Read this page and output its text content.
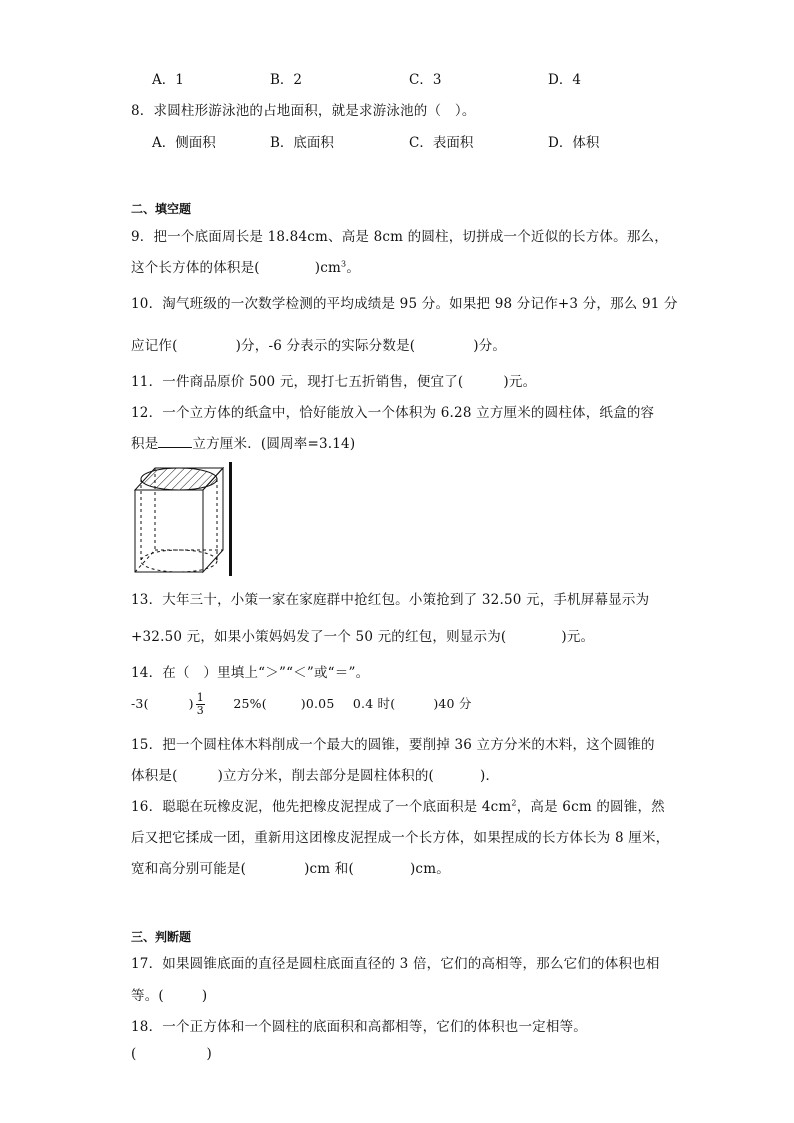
A．1	B．2	C．3	D．4
8．求圆柱形游泳池的占地面积，就是求游泳池的（　）。
A．侧面积	B．底面积	C．表面积	D．体积
二、填空题
9．把一个底面周长是 18.84cm、高是 8cm 的圆柱，切拼成一个近似的长方体。那么，
这个长方体的体积是(	)$cm^3$。
10．淘气班级的一次数学检测的平均成绩是 95 分。如果把 98 分记作+3 分，那么 91 分
应记作(	)分，-6 分表示的实际分数是(	)分。
11．一件商品原价 500 元，现打七五折销售，便宜了(	)元。
12．一个立方体的纸盒中，恰好能放入一个体积为 6.28 立方厘米的圆柱体，纸盒的容
积是	立方厘米．(圆周率=3.14)
13．大年三十，小策一家在家庭群中抢红包。小策抢到了 32.50 元，手机屏幕显示为
+32.50 元，如果小策妈妈发了一个 50 元的红包，则显示为(	)元。
14．在（　）里填上“＞”“＜”或“＝”。
-3(	) $\frac{1}{3} 25\%$(	)0.05 0.4 时(	)40 分
15．把一个圆柱体木料削成一个最大的圆锥，要削掉 36 立方分米的木料，这个圆锥的
体积是(	)立方分米，削去部分是圆柱体积的(	)．
16．聪聪在玩橡皮泥，他先把橡皮泥捏成了一个底面积是 $4cm^2$，高是 6cm 的圆锥，然
后又把它揉成一团，重新用这团橡皮泥捏成一个长方体，如果捏成的长方体长为 8 厘米，
宽和高分别可能是(	)cm 和(	)cm。
三、判断题
17．如果圆锥底面的直径是圆柱底面直径的 3 倍，它们的高相等，那么它们的体积也相
等。(	)
18．一个正方体和一个圆柱的底面积和高都相等，它们的体积也一定相等。
(	)
